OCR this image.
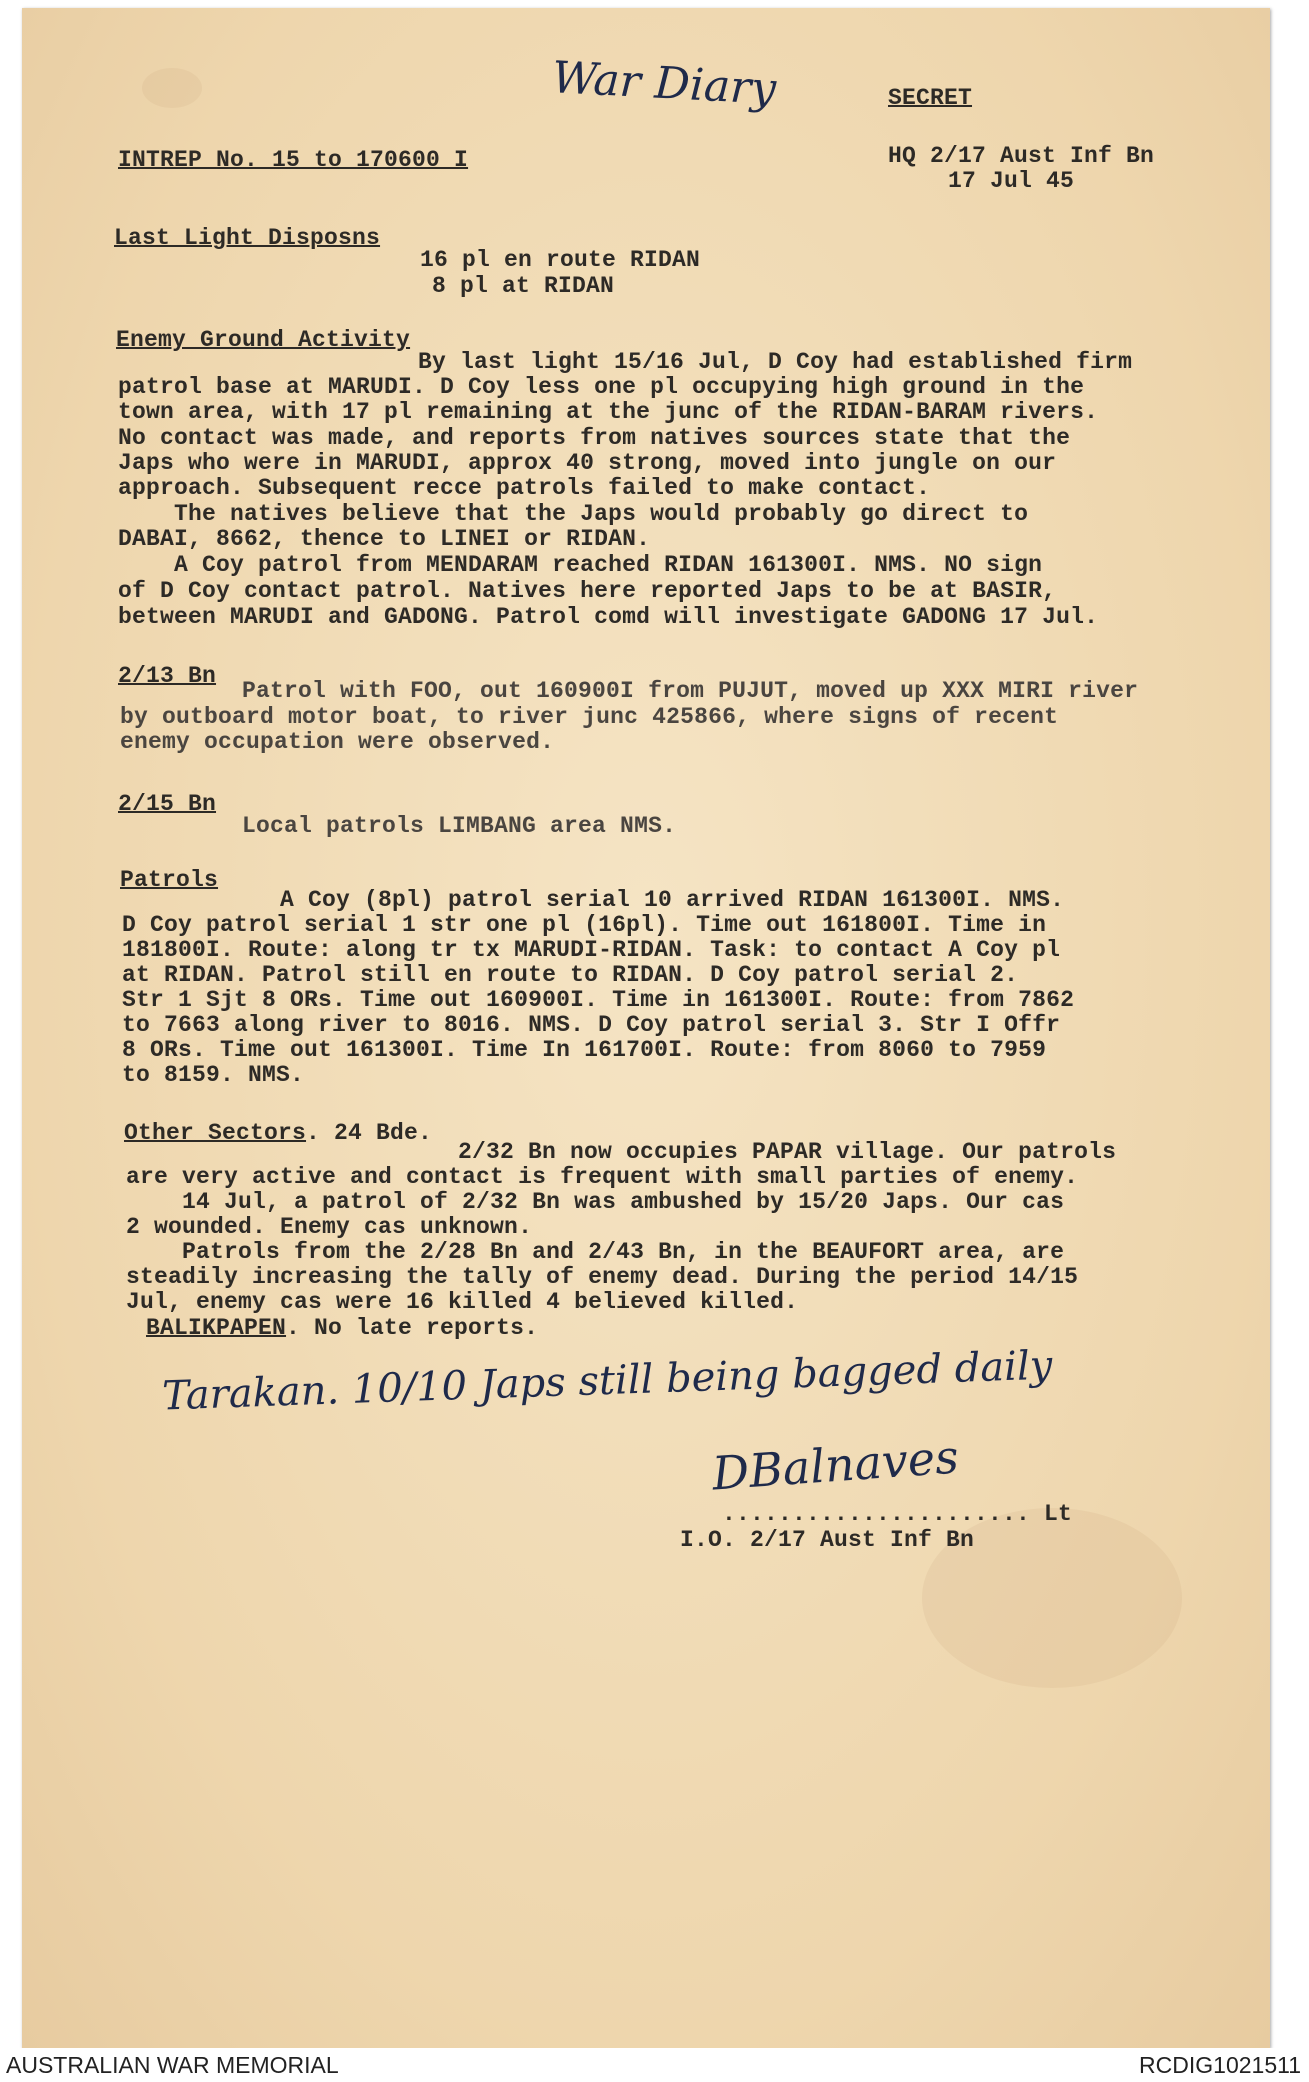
War Diary	SECRET
INTREP No. 15 to 170600 I	HQ 2/17 Aust Inf Bn
17 Jul 45
Last Light Disposns
16 pl en route RIDAN
8 pl at RIDAN
Enemy Ground Activity
By last light 15/16 Jul, D Coy had established firm
patrol base at MARUDI. D Coy less one pl occupying high ground in the
town area, with 17 pl remaining at the junc of the RIDAN-BARAM rivers.
No contact was made, and reports from natives sources state that the
Japs who were in MARUDI, approx 40 strong, moved into jungle on our
approach. Subsequent recce patrols failed to make contact.
The natives believe that the Japs would probably go direct to
DABAI, 8662, thence to LINEI or RIDAN.
A Coy patrol from MENDARAM reached RIDAN 161300I. NMS. NO sign
of D Coy contact patrol. Natives here reported Japs to be at BASIR,
between MARUDI and GADONG. Patrol comd will investigate GADONG 17 Jul.
2/13 Bn
Patrol with FOO, out 160900I from PUJUT, moved up XXX MIRI river
by outboard motor boat, to river junc 425866, where signs of recent
enemy occupation were observed.
2/15 Bn
Local patrols LIMBANG area NMS.
Patrols
A Coy (8pl) patrol serial 10 arrived RIDAN 161300I. NMS.
D Coy patrol serial 1 str one pl (16pl). Time out 161800I. Time in
181800I. Route: along tr tx MARUDI-RIDAN. Task: to contact A Coy pl
at RIDAN. Patrol still en route to RIDAN. D Coy patrol serial 2.
Str 1 Sjt 8 ORs. Time out 160900I. Time in 161300I. Route: from 7862
to 7663 along river to 8016. NMS. D Coy patrol serial 3. Str I Offr
8 ORs. Time out 161300I. Time In 161700I. Route: from 8060 to 7959
to 8159. NMS.
Other Sectors. 24 Bde.
2/32 Bn now occupies PAPAR village. Our patrols
are very active and contact is frequent with small parties of enemy.
14 Jul, a patrol of 2/32 Bn was ambushed by 15/20 Japs. Our cas
2 wounded. Enemy cas unknown.
Patrols from the 2/28 Bn and 2/43 Bn, in the BEAUFORT area, are
steadily increasing the tally of enemy dead. During the period 14/15
Jul, enemy cas were 16 killed 4 believed killed.
BALIKPAPEN. No late reports.
Tarakan. 10/10 Japs still being bagged daily
DBalnaves
...................... Lt
I.O. 2/17 Aust Inf Bn
AUSTRALIAN WAR MEMORIAL	RCDIG1021511
